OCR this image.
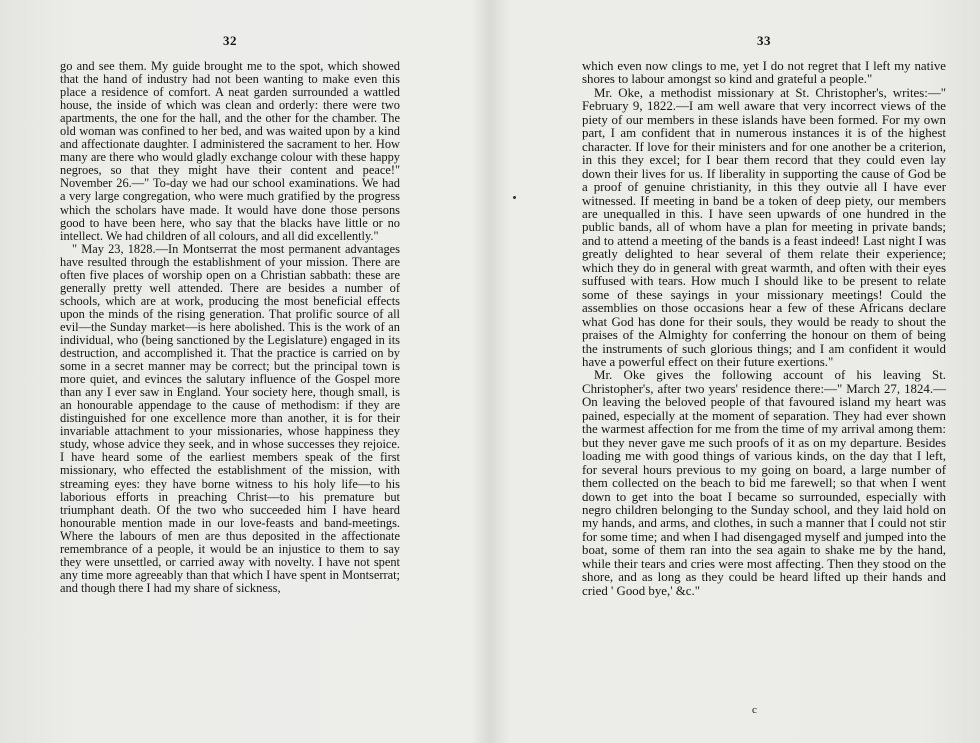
32

go and see them. My guide brought me to the spot, which showed that the hand of industry had not been wanting to make even this place a residence of comfort. A neat garden surrounded a wattled house, the inside of which was clean and orderly: there were two apartments, the one for the hall, and the other for the chamber. The old woman was confined to her bed, and was waited upon by a kind and affectionate daughter. I administered the sacrament to her. How many are there who would gladly exchange colour with these happy negroes, so that they might have their content and peace!" November 26.—" To-day we had our school examinations. We had a very large congregation, who were much gratified by the progress which the scholars have made. It would have done those persons good to have been here, who say that the blacks have little or no intellect. We had children of all colours, and all did excellently."

" May 23, 1828.—In Montserrat the most permanent advantages have resulted through the establishment of your mission. There are often five places of worship open on a Christian sabbath: these are generally pretty well attended. There are besides a number of schools, which are at work, producing the most beneficial effects upon the minds of the rising generation. That prolific source of all evil—the Sunday market—is here abolished. This is the work of an individual, who (being sanctioned by the Legislature) engaged in its destruction, and accomplished it. That the practice is carried on by some in a secret manner may be correct; but the principal town is more quiet, and evinces the salutary influence of the Gospel more than any I ever saw in England. Your society here, though small, is an honourable appendage to the cause of methodism: if they are distinguished for one excellence more than another, it is for their invariable attachment to your missionaries, whose happiness they study, whose advice they seek, and in whose successes they rejoice. I have heard some of the earliest members speak of the first missionary, who effected the establishment of the mission, with streaming eyes: they have borne witness to his holy life—to his laborious efforts in preaching Christ—to his premature but triumphant death. Of the two who succeeded him I have heard honourable mention made in our love-feasts and band-meetings. Where the labours of men are thus deposited in the affectionate remembrance of a people, it would be an injustice to them to say they were unsettled, or carried away with novelty. I have not spent any time more agreeably than that which I have spent in Montserrat; and though there I had my share of sickness,

33

which even now clings to me, yet I do not regret that I left my native shores to labour amongst so kind and grateful a people."

Mr. Oke, a methodist missionary at St. Christopher's, writes:—" February 9, 1822.—I am well aware that very incorrect views of the piety of our members in these islands have been formed. For my own part, I am confident that in numerous instances it is of the highest character. If love for their ministers and for one another be a criterion, in this they excel; for I bear them record that they could even lay down their lives for us. If liberality in supporting the cause of God be a proof of genuine christianity, in this they outvie all I have ever witnessed. If meeting in band be a token of deep piety, our members are unequalled in this. I have seen upwards of one hundred in the public bands, all of whom have a plan for meeting in private bands; and to attend a meeting of the bands is a feast indeed! Last night I was greatly delighted to hear several of them relate their experience; which they do in general with great warmth, and often with their eyes suffused with tears. How much I should like to be present to relate some of these sayings in your missionary meetings! Could the assemblies on those occasions hear a few of these Africans declare what God has done for their souls, they would be ready to shout the praises of the Almighty for conferring the honour on them of being the instruments of such glorious things; and I am confident it would have a powerful effect on their future exertions."

Mr. Oke gives the following account of his leaving St. Christopher's, after two years' residence there:—" March 27, 1824.—On leaving the beloved people of that favoured island my heart was pained, especially at the moment of separation. They had ever shown the warmest affection for me from the time of my arrival among them: but they never gave me such proofs of it as on my departure. Besides loading me with good things of various kinds, on the day that I left, for several hours previous to my going on board, a large number of them collected on the beach to bid me farewell; so that when I went down to get into the boat I became so surrounded, especially with negro children belonging to the Sunday school, and they laid hold on my hands, and arms, and clothes, in such a manner that I could not stir for some time; and when I had disengaged myself and jumped into the boat, some of them ran into the sea again to shake me by the hand, while their tears and cries were most affecting. Then they stood on the shore, and as long as they could be heard lifted up their hands and cried ' Good bye,' &c."

c
